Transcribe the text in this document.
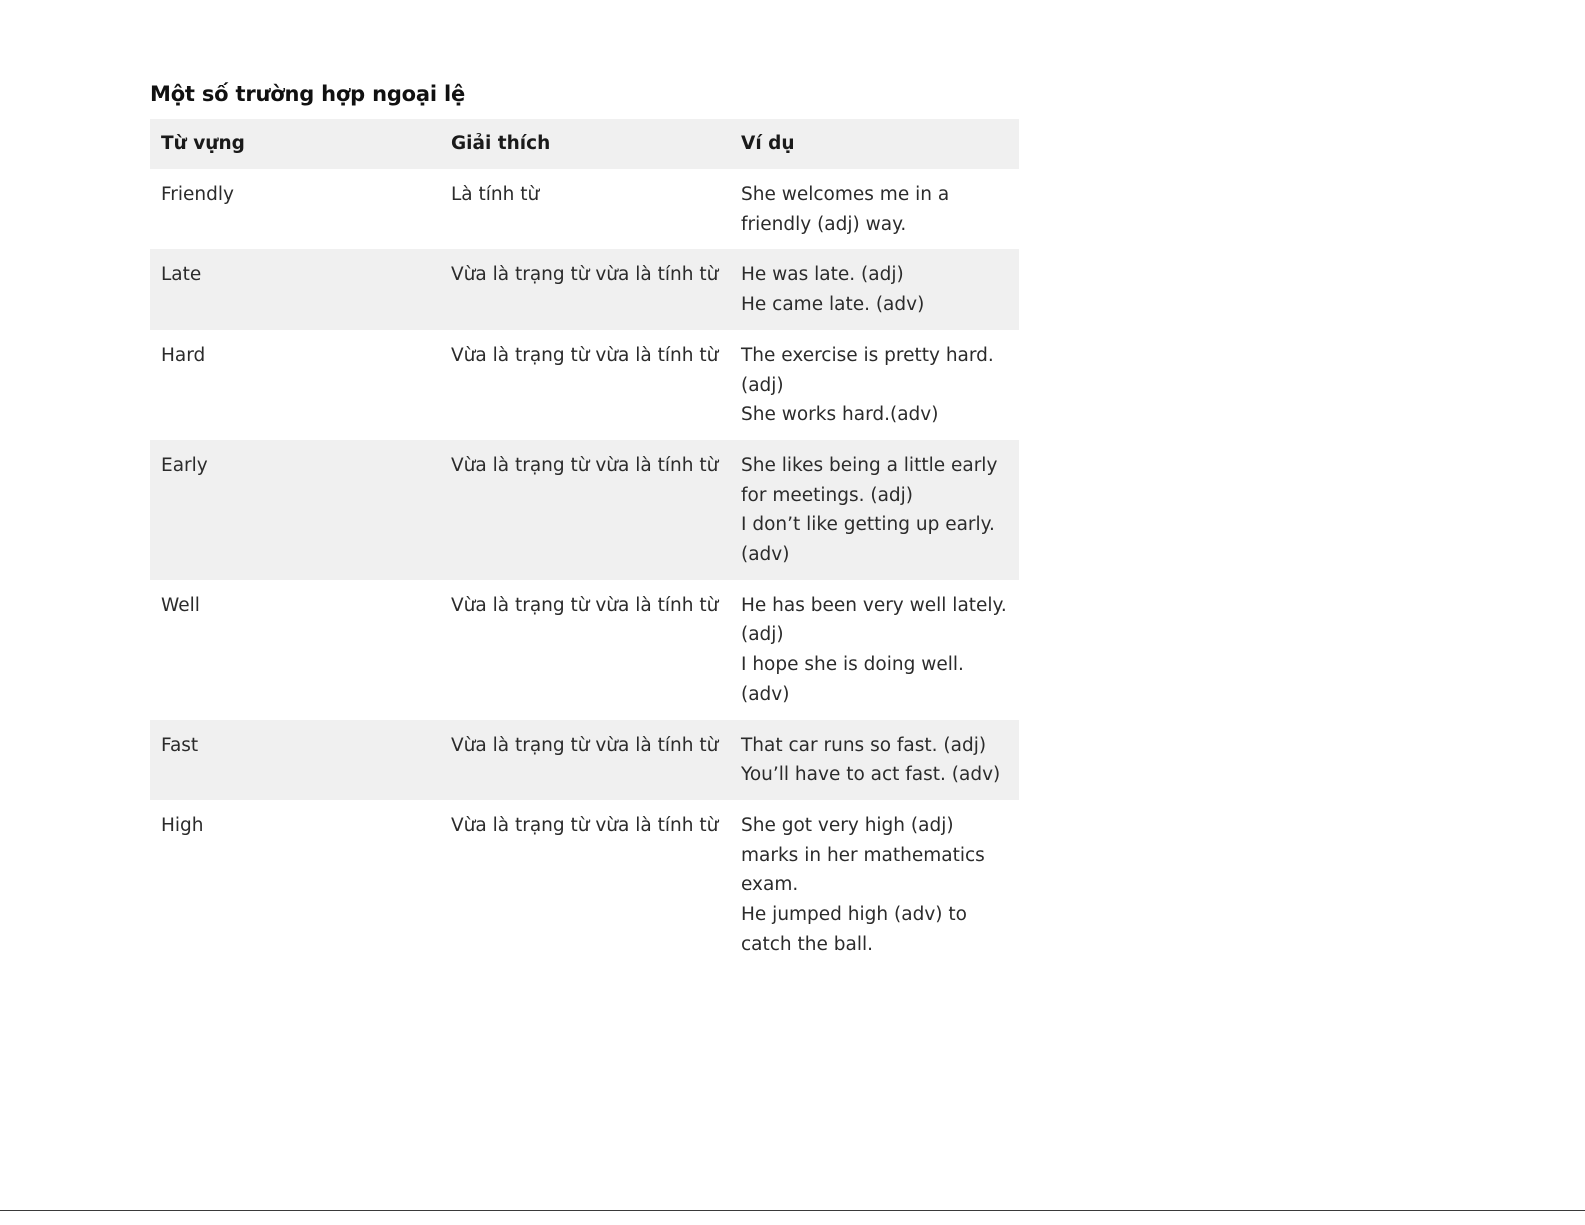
Một số trường hợp ngoại lệ
Từ vựng	Giải thích	Ví dụ
Friendly	Là tính từ	She welcomes me in a friendly (adj) way.

Late	Vừa là trạng từ vừa là tính từ	He was late. (adj)
He came late. (adv)

Hard	Vừa là trạng từ vừa là tính từ	The exercise is pretty hard. (adj)
She works hard.(adv)

Early	Vừa là trạng từ vừa là tính từ	She likes being a little early for meetings. (adj)
I don’t like getting up early. (adv)

Well	Vừa là trạng từ vừa là tính từ	He has been very well lately. (adj)
I hope she is doing well. (adv)

Fast	Vừa là trạng từ vừa là tính từ	That car runs so fast. (adj)
You’ll have to act fast. (adv)

High	Vừa là trạng từ vừa là tính từ	She got very high (adj) marks in her mathematics exam.
He jumped high (adv) to catch the ball.
